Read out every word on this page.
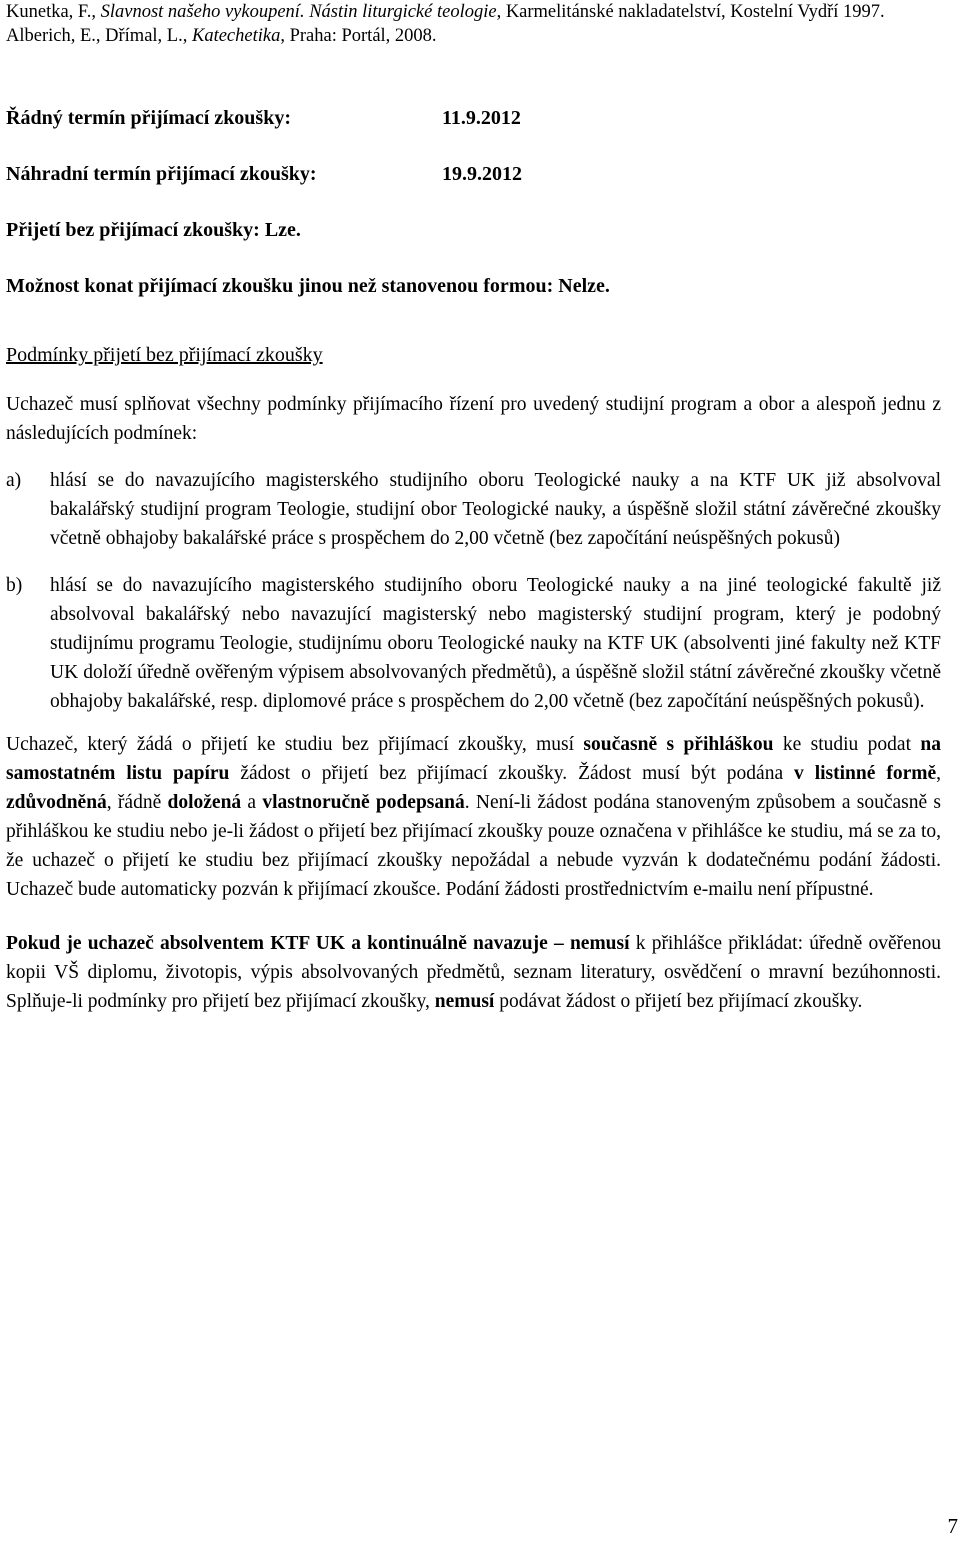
Kunetka, F., Slavnost našeho vykoupení. Nástin liturgické teologie, Karmelitánské nakladatelství, Kostelní Vydří 1997.

Alberich, E., Dřímal, L., Katechetika, Praha: Portál, 2008.

Řádný termín přijímací zkoušky:	11.9.2012
Náhradní termín přijímací zkoušky:	19.9.2012

Přijetí bez přijímací zkoušky: Lze.

Možnost konat přijímací zkoušku jinou než stanovenou formou: Nelze.

Podmínky přijetí bez přijímací zkoušky

Uchazeč musí splňovat všechny podmínky přijímacího řízení pro uvedený studijní program a obor a alespoň jednu z následujících podmínek:

a)	hlásí se do navazujícího magisterského studijního oboru Teologické nauky a na KTF UK již absolvoval bakalářský studijní program Teologie, studijní obor Teologické nauky, a úspěšně složil státní závěrečné zkoušky včetně obhajoby bakalářské práce s prospěchem do 2,00 včetně (bez započítání neúspěšných pokusů)
b)	hlásí se do navazujícího magisterského studijního oboru Teologické nauky a na jiné teologické fakultě již absolvoval bakalářský nebo navazující magisterský nebo magisterský studijní program, který je podobný studijnímu programu Teologie, studijnímu oboru Teologické nauky na KTF UK (absolventi jiné fakulty než KTF UK doloží úředně ověřeným výpisem absolvovaných předmětů), a úspěšně složil státní závěrečné zkoušky včetně obhajoby bakalářské, resp. diplomové práce s prospěchem do 2,00 včetně (bez započítání neúspěšných pokusů).

Uchazeč, který žádá o přijetí ke studiu bez přijímací zkoušky, musí současně s přihláškou ke studiu podat na samostatném listu papíru žádost o přijetí bez přijímací zkoušky. Žádost musí být podána v listinné formě, zdůvodněná, řádně doložená a vlastnoručně podepsaná. Není-li žádost podána stanoveným způsobem a současně s přihláškou ke studiu nebo je-li žádost o přijetí bez přijímací zkoušky pouze označena v přihlášce ke studiu, má se za to, že uchazeč o přijetí ke studiu bez přijímací zkoušky nepožádal a nebude vyzván k dodatečnému podání žádosti. Uchazeč bude automaticky pozván k přijímací zkoušce. Podání žádosti prostřednictvím e-mailu není přípustné.

Pokud je uchazeč absolventem KTF UK a kontinuálně navazuje – nemusí k přihlášce přikládat: úředně ověřenou kopii VŠ diplomu, životopis, výpis absolvovaných předmětů, seznam literatury, osvědčení o mravní bezúhonnosti. Splňuje-li podmínky pro přijetí bez přijímací zkoušky, nemusí podávat žádost o přijetí bez přijímací zkoušky.

7
